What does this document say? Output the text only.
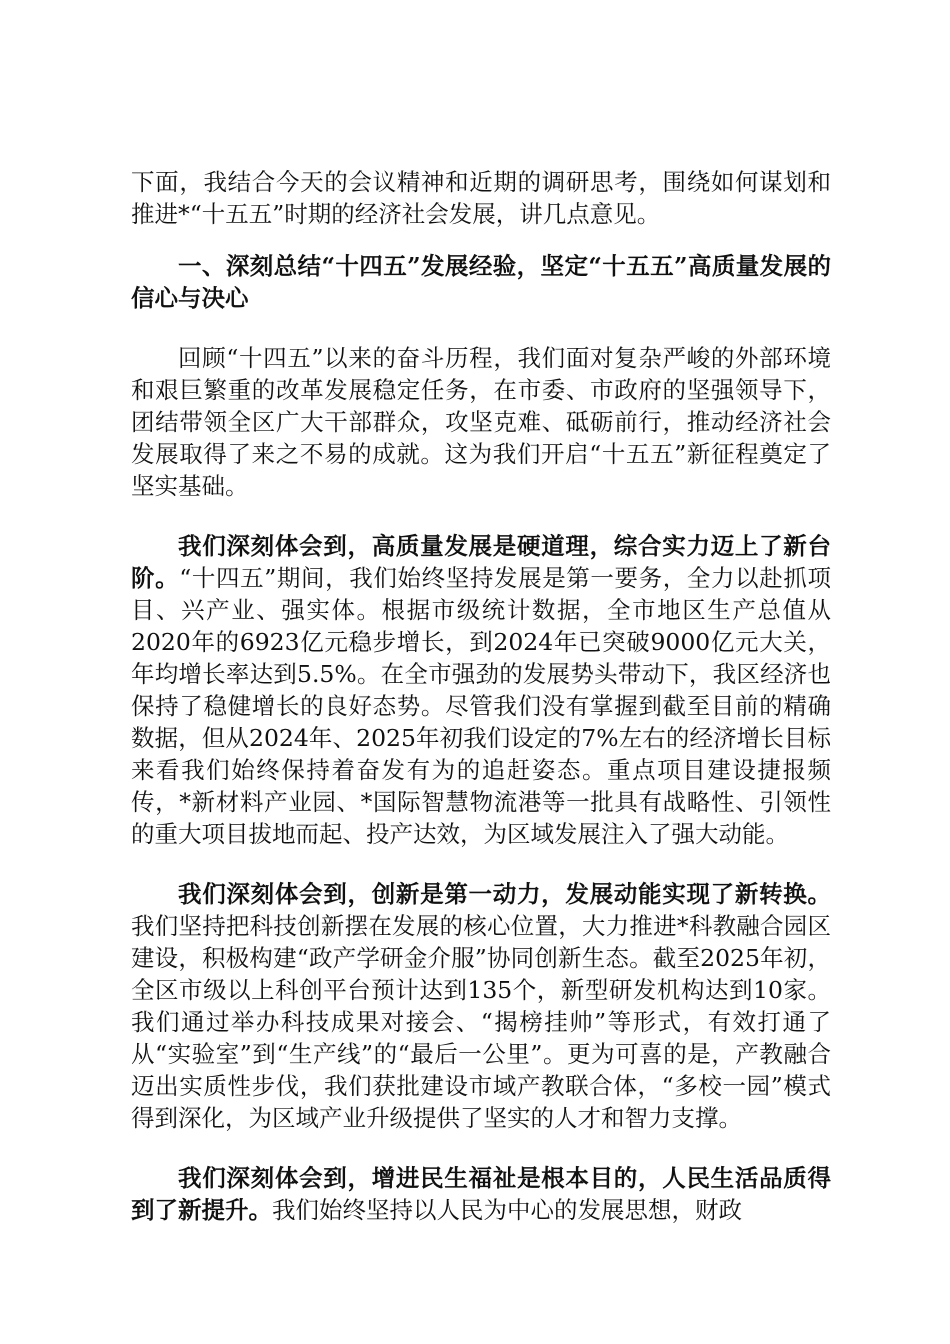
下面，我结合今天的会议精神和近期的调研思考，围绕如何谋划和推进*“十五五”时期的经济社会发展，讲几点意见。

一、深刻总结“十四五”发展经验，坚定“十五五”高质量发展的信心与决心

回顾“十四五”以来的奋斗历程，我们面对复杂严峻的外部环境和艰巨繁重的改革发展稳定任务，在市委、市政府的坚强领导下，团结带领全区广大干部群众，攻坚克难、砥砺前行，推动经济社会发展取得了来之不易的成就。这为我们开启“十五五”新征程奠定了坚实基础。

我们深刻体会到，高质量发展是硬道理，综合实力迈上了新台阶。“十四五”期间，我们始终坚持发展是第一要务，全力以赴抓项目、兴产业、强实体。根据市级统计数据，全市地区生产总值从2020年的6923亿元稳步增长，到2024年已突破9000亿元大关，年均增长率达到5.5%。在全市强劲的发展势头带动下，我区经济也保持了稳健增长的良好态势。尽管我们没有掌握到截至目前的精确数据，但从2024年、2025年初我们设定的7%左右的经济增长目标来看我们始终保持着奋发有为的追赶姿态。重点项目建设捷报频传，*新材料产业园、*国际智慧物流港等一批具有战略性、引领性的重大项目拔地而起、投产达效，为区域发展注入了强大动能。

我们深刻体会到，创新是第一动力，发展动能实现了新转换。我们坚持把科技创新摆在发展的核心位置，大力推进*科教融合园区建设，积极构建“政产学研金介服”协同创新生态。截至2025年初，全区市级以上科创平台预计达到135个，新型研发机构达到10家。我们通过举办科技成果对接会、“揭榜挂帅”等形式，有效打通了从“实验室”到“生产线”的“最后一公里”。更为可喜的是，产教融合迈出实质性步伐，我们获批建设市域产教联合体，“多校一园”模式得到深化，为区域产业升级提供了坚实的人才和智力支撑。

我们深刻体会到，增进民生福祉是根本目的，人民生活品质得到了新提升。我们始终坚持以人民为中心的发展思想，财政
